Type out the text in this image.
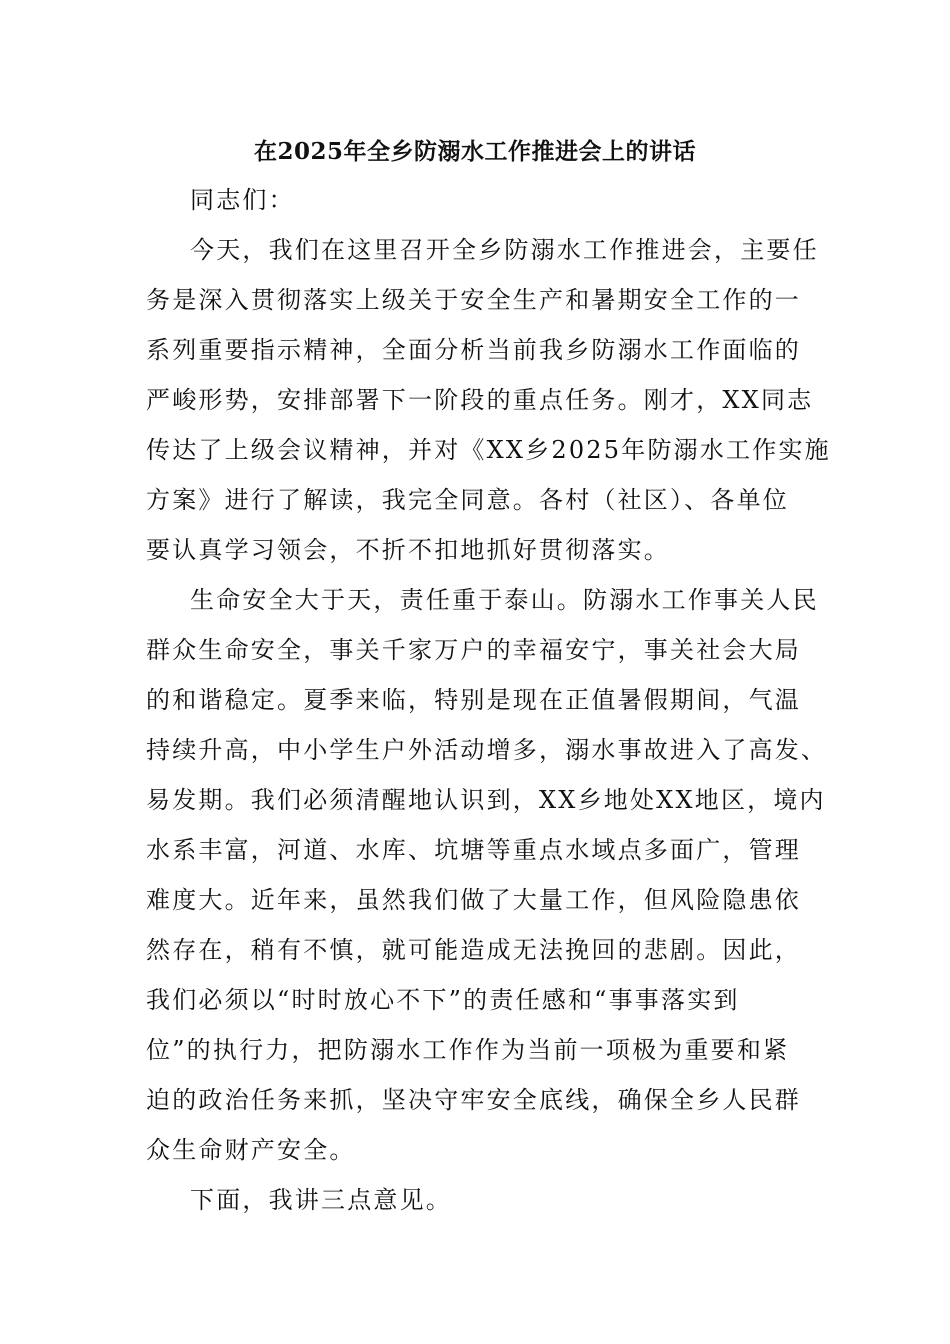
在2025年全乡防溺水工作推进会上的讲话
同志们：
今天，我们在这里召开全乡防溺水工作推进会，主要任
务是深入贯彻落实上级关于安全生产和暑期安全工作的一
系列重要指示精神，全面分析当前我乡防溺水工作面临的
严峻形势，安排部署下一阶段的重点任务。刚才，XX同志
传达了上级会议精神，并对《XX乡2025年防溺水工作实施
方案》进行了解读，我完全同意。各村（社区）、各单位
要认真学习领会，不折不扣地抓好贯彻落实。
生命安全大于天，责任重于泰山。防溺水工作事关人民
群众生命安全，事关千家万户的幸福安宁，事关社会大局
的和谐稳定。夏季来临，特别是现在正值暑假期间，气温
持续升高，中小学生户外活动增多，溺水事故进入了高发、
易发期。我们必须清醒地认识到，XX乡地处XX地区，境内
水系丰富，河道、水库、坑塘等重点水域点多面广，管理
难度大。近年来，虽然我们做了大量工作，但风险隐患依
然存在，稍有不慎，就可能造成无法挽回的悲剧。因此，
我们必须以“时时放心不下”的责任感和“事事落实到
位”的执行力，把防溺水工作作为当前一项极为重要和紧
迫的政治任务来抓，坚决守牢安全底线，确保全乡人民群
众生命财产安全。
下面，我讲三点意见。
